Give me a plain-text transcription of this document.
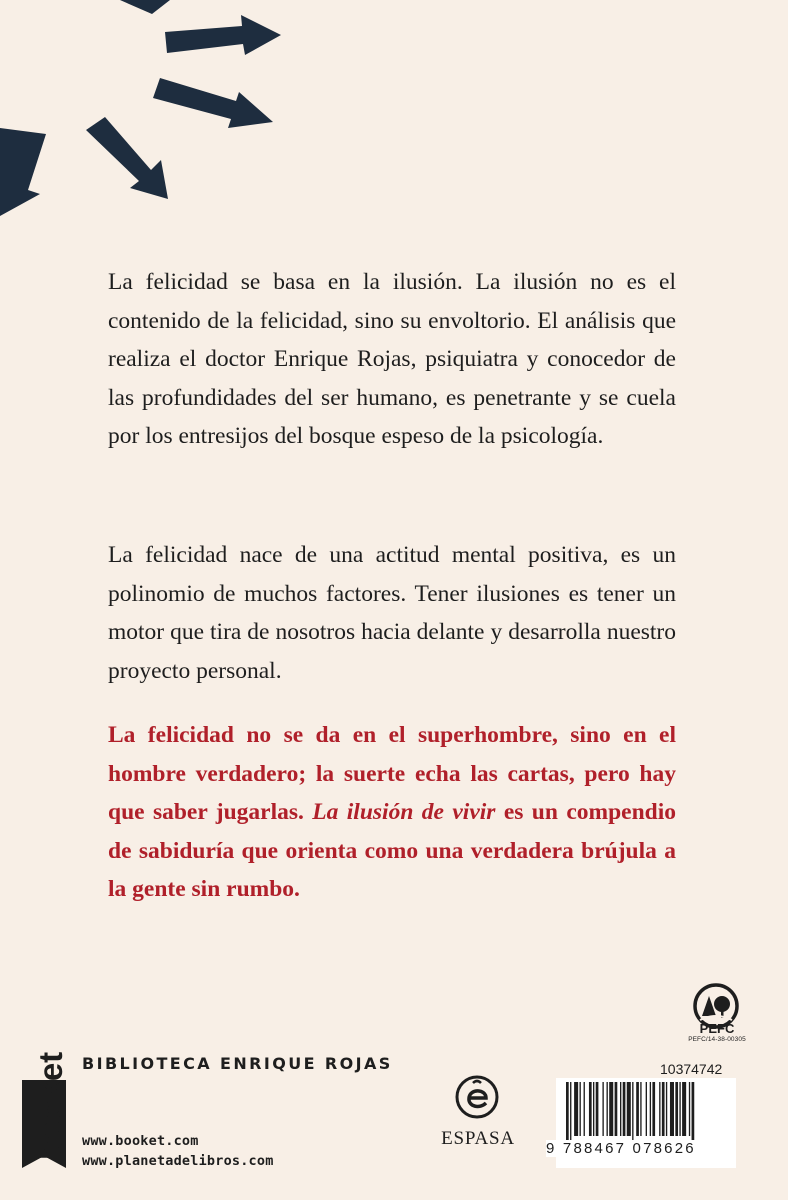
La felicidad se basa en la ilusión. La ilusión no es el contenido de la felicidad, sino su envoltorio. El análisis que realiza el doctor Enrique Rojas, psiquiatra y conocedor de las profundidades del ser humano, es penetrante y se cuela por los entresijos del bosque espeso de la psicología.

La felicidad nace de una actitud mental positiva, es un polinomio de muchos factores. Tener ilusiones es tener un motor que tira de nosotros hacia delante y desarrolla nuestro proyecto personal.

La felicidad no se da en el superhombre, sino en el hombre verdadero; la suerte echa las cartas, pero hay que saber jugarlas. La ilusión de vivir es un compendio de sabiduría que orienta como una verdadera brújula a la gente sin rumbo.

PEFC
PEFC/14-38-00305
BIBLIOTECA ENRIQUE ROJAS
booket www.booket.com
www.planetadelibros.com
ESPASA
10374742
9 788467 078626
